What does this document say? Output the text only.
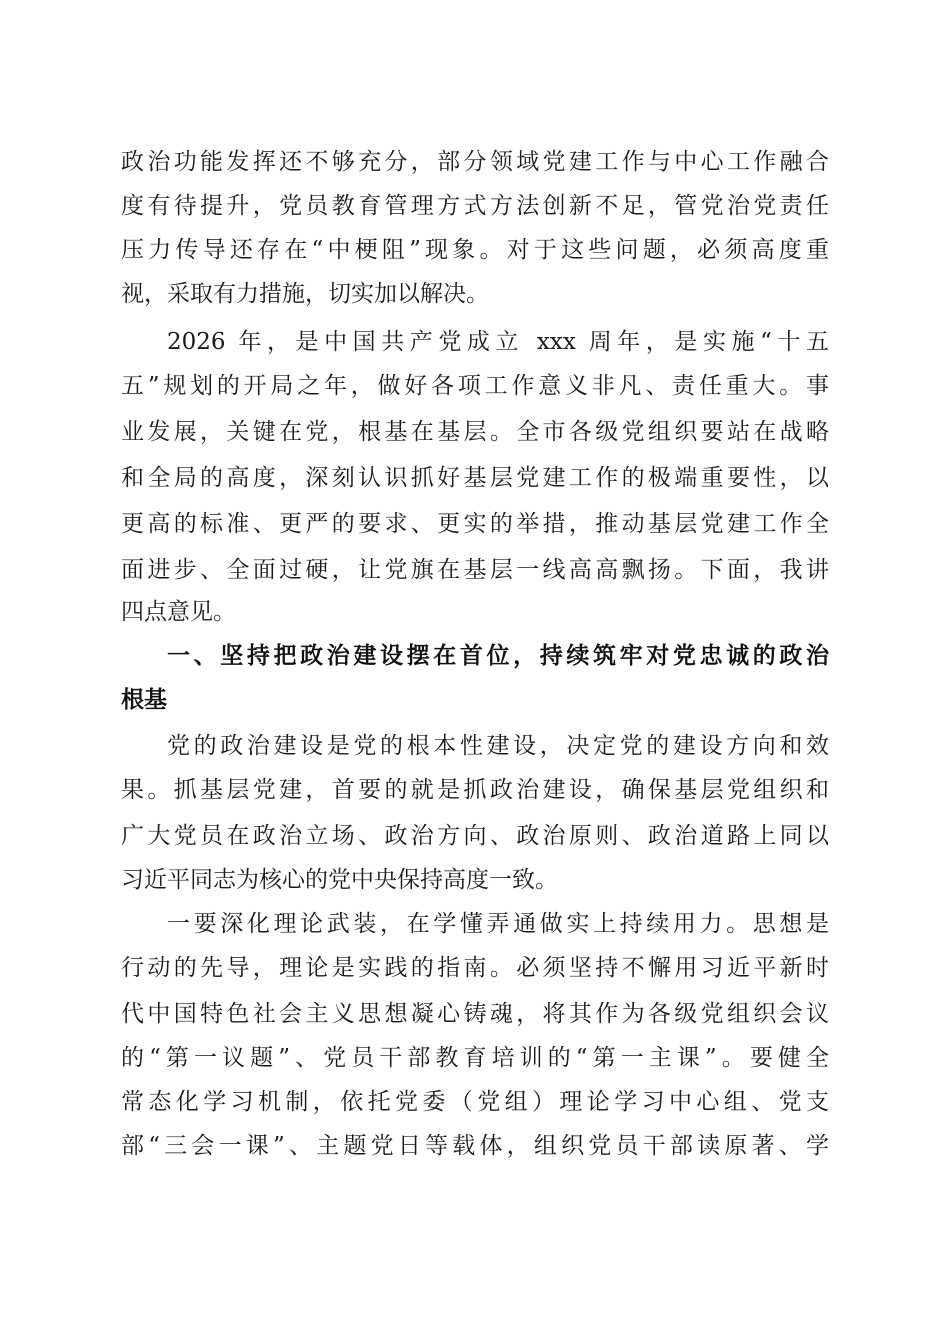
政治功能发挥还不够充分，部分领域党建工作与中心工作融合
度有待提升，党员教育管理方式方法创新不足，管党治党责任
压力传导还存在“中梗阻”现象。对于这些问题，必须高度重
视，采取有力措施，切实加以解决。
2026 年，是中国共产党成立 xxx 周年，是实施“十五
五”规划的开局之年，做好各项工作意义非凡、责任重大。事
业发展，关键在党，根基在基层。全市各级党组织要站在战略
和全局的高度，深刻认识抓好基层党建工作的极端重要性，以
更高的标准、更严的要求、更实的举措，推动基层党建工作全
面进步、全面过硬，让党旗在基层一线高高飘扬。下面，我讲
四点意见。
一、坚持把政治建设摆在首位，持续筑牢对党忠诚的政治
根基
党的政治建设是党的根本性建设，决定党的建设方向和效
果。抓基层党建，首要的就是抓政治建设，确保基层党组织和
广大党员在政治立场、政治方向、政治原则、政治道路上同以
习近平同志为核心的党中央保持高度一致。
一要深化理论武装，在学懂弄通做实上持续用力。思想是
行动的先导，理论是实践的指南。必须坚持不懈用习近平新时
代中国特色社会主义思想凝心铸魂，将其作为各级党组织会议
的“第一议题”、党员干部教育培训的“第一主课”。要健全
常态化学习机制，依托党委（党组）理论学习中心组、党支
部“三会一课”、主题党日等载体，组织党员干部读原著、学
